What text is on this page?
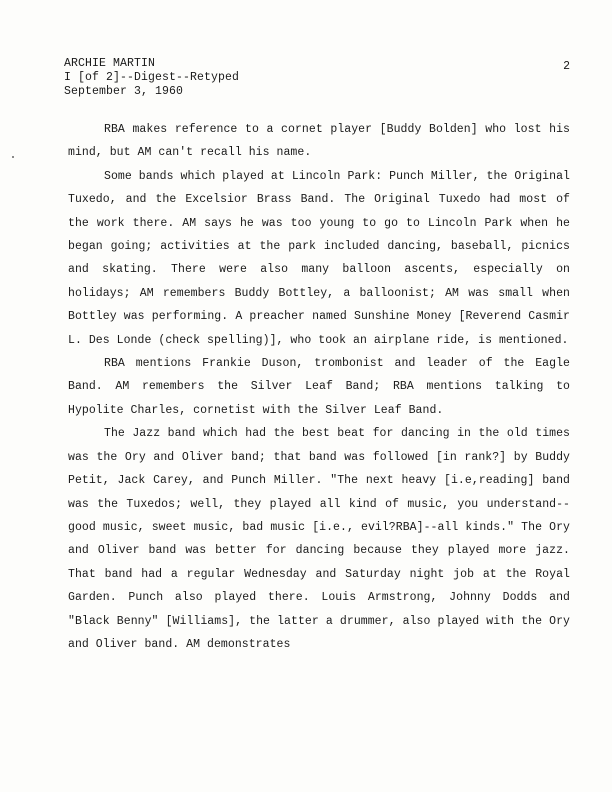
ARCHIE MARTIN
I [of 2]--Digest--Retyped
September 3, 1960
2

RBA makes reference to a cornet player [Buddy Bolden] who lost his mind, but AM can't recall his name.

Some bands which played at Lincoln Park: Punch Miller, the Original Tuxedo, and the Excelsior Brass Band. The Original Tuxedo had most of the work there. AM says he was too young to go to Lincoln Park when he began going; activities at the park included dancing, baseball, picnics and skating. There were also many balloon ascents, especially on holidays; AM remembers Buddy Bottley, a balloonist; AM was small when Bottley was performing. A preacher named Sunshine Money [Reverend Casmir L. Des Londe (check spelling)], who took an airplane ride, is mentioned.

RBA mentions Frankie Duson, trombonist and leader of the Eagle Band. AM remembers the Silver Leaf Band; RBA mentions talking to Hypolite Charles, cornetist with the Silver Leaf Band.

The Jazz band which had the best beat for dancing in the old times was the Ory and Oliver band; that band was followed [in rank?] by Buddy Petit, Jack Carey, and Punch Miller. "The next heavy [i.e,reading] band was the Tuxedos; well, they played all kind of music, you understand--good music, sweet music, bad music [i.e., evil?RBA]--all kinds." The Ory and Oliver band was better for dancing because they played more jazz. That band had a regular Wednesday and Saturday night job at the Royal Garden. Punch also played there. Louis Armstrong, Johnny Dodds and "Black Benny" [Williams], the latter a drummer, also played with the Ory and Oliver band. AM demonstrates
